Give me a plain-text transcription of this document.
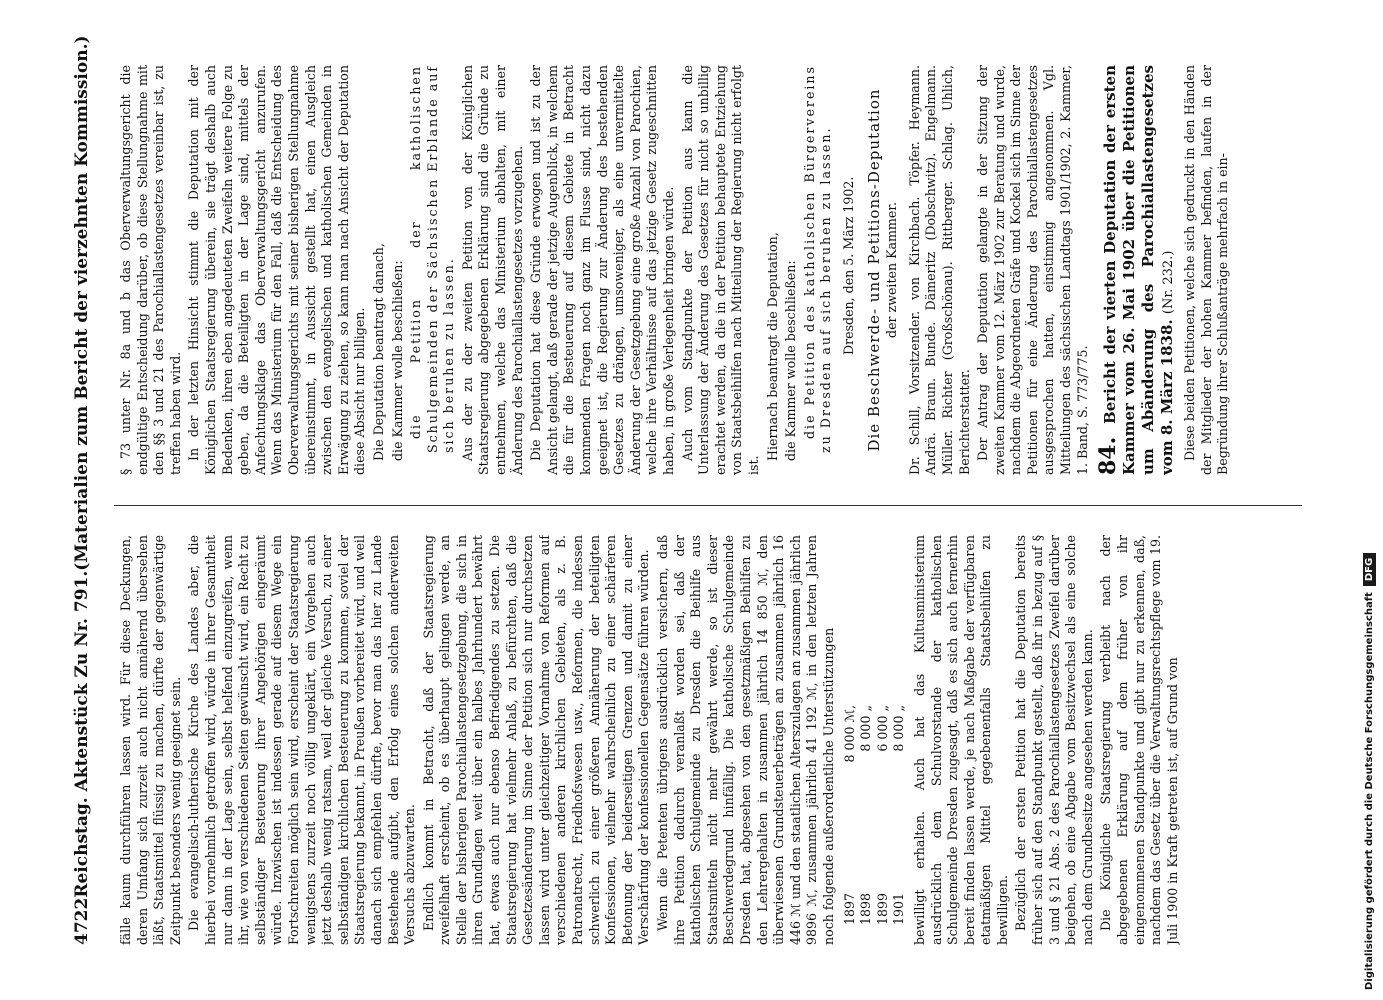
4722
Reichstag. Aktenstück Zu Nr. 791.
(Materialien zum Bericht der vierzehnten Kommission.)

fälle kaum durchführen lassen wird. Für diese Deckungen, deren Umfang sich zurzeit auch nicht annähernd übersehen läßt, Staatsmittel flüssig zu machen, dürfte der gegenwärtige Zeitpunkt besonders wenig geeignet sein. Die evangelisch-lutherische Kirche des Landes aber, die hierbei vornehmlich getroffen wird, würde in ihrer Gesamtheit nur dann in der Lage sein, selbst helfend einzugreifen, wenn ihr, wie von verschiedenen Seiten gewünscht wird, ein Recht zu selbständiger Besteuerung ihrer Angehörigen eingeräumt würde. Inzwischen ist indessen gerade auf diesem Wege ein Fortschreiten möglich sein wird, erscheint der Staatsregierung wenigstens zurzeit noch völlig ungeklärt, ein Vorgehen auch jetzt deshalb wenig ratsam, weil der gleiche Versuch, zu einer selbständigen kirchlichen Besteuerung zu kommen, soviel der Staatsregierung bekannt, in Preußen vorbereitet wird, und weil danach sich empfehlen dürfte, bevor man das hier zu Lande Bestehende aufgibt, den Erfolg eines solchen anderweiten Versuchs abzuwarten. Endlich kommt in Betracht, daß der Staatsregierung zweifelhaft erscheint, ob es überhaupt gelingen werde, an Stelle der bisherigen Parochiallastengesetzgebung, die sich in ihren Grundlagen weit über ein halbes Jahrhundert bewährt hat, etwas auch nur ebenso Befriedigendes zu setzen. Die Staatsregierung hat vielmehr Anlaß, zu befürchten, daß die Gesetzesänderung im Sinne der Petition sich nur durchsetzen lassen wird unter gleichzeitiger Vornahme von Reformen auf verschiedenen anderen kirchlichen Gebieten, als z. B. Patronatrecht, Friedhofswesen usw., Reformen, die indessen schwerlich zu einer größeren Annäherung der beteiligten Konfessionen, vielmehr wahrscheinlich zu einer schärferen Betonung der beiderseitigen Grenzen und damit zu einer Verschärfung der konfessionellen Gegensätze führen würden. Wenn die Petenten übrigens ausdrücklich versichern, daß ihre Petition dadurch veranlaßt worden sei, daß der katholischen Schulgemeinde zu Dresden die Beihilfe aus Staatsmitteln nicht mehr gewährt werde, so ist dieser Beschwerdegrund hinfällig. Die katholische Schulgemeinde Dresden hat, abgesehen von den gesetzmäßigen Beihilfen zu den Lehrergehalten in zusammen jährlich 14 850 ℳ, den überwiesenen Grundsteuerbeträgen an zusammen jährlich 16 446 ℳ und den staatlichen Alterszulagen an zusammen jährlich 9896 ℳ, zusammen jährlich 41 192 ℳ, in den letzten Jahren noch folgende außerordentliche Unterstützungen 1897
8 000 ℳ,
1898
8 000 „
1899
6 000 „
1901
8 000 „ bewilligt erhalten. Auch hat das Kultusministerium ausdrücklich dem Schulvorstande der katholischen Schulgemeinde Dresden zugesagt, daß es sich auch fernerhin bereit finden lassen werde, je nach Maßgabe der verfügbaren etatmäßigen Mittel gegebenenfalls Staatsbeihilfen zu bewilligen. Bezüglich der ersten Petition hat die Deputation bereits früher sich auf den Standpunkt gestellt, daß ihr in bezug auf § 3 und § 21 Abs. 2 des Parochiallastengesetzes Zweifel darüber beigehen, ob eine Abgabe vom Besitzwechsel als eine solche nach dem Grundbesitze angesehen werden kann. Die Königliche Staatsregierung verbleibt nach der abgegebenen Erklärung auf dem früher von ihr eingenommenen Standpunkte und gibt nur zu erkennen, daß, nachdem das Gesetz über die Verwaltungsrechtspflege vom 19. Juli 1900 in Kraft getreten ist, auf Grund von

§ 73 unter Nr. 8a und b das Oberverwaltungsgericht die endgültige Entscheidung darüber, ob diese Stellungnahme mit den §§ 3 und 21 des Parochiallastengesetzes vereinbar ist, zu treffen haben wird. In der letzten Hinsicht stimmt die Deputation mit der Königlichen Staatsregierung überein, sie trägt deshalb auch Bedenken, ihren eben angedeuteten Zweifeln weitere Folge zu geben, da die Beteiligten in der Lage sind, mittels der Anfechtungsklage das Oberverwaltungsgericht anzurufen. Wenn das Ministerium für den Fall, daß die Entscheidung des Oberverwaltungsgerichts mit seiner bisherigen Stellungnahme übereinstimmt, in Aussicht gestellt hat, einen Ausgleich zwischen den evangelischen und katholischen Gemeinden in Erwägung zu ziehen, so kann man nach Ansicht der Deputation diese Absicht nur billigen. Die Deputation beantragt danach, die Kammer wolle beschließen: die Petition der katholischen Schulgemeinden der Sächsischen Erblande auf sich beruhen zu lassen. Aus der zu der zweiten Petition von der Königlichen Staatsregierung abgegebenen Erklärung sind die Gründe zu entnehmen, welche das Ministerium abhalten, mit einer Änderung des Parochiallastengesetzes vorzugehen. Die Deputation hat diese Gründe erwogen und ist zu der Ansicht gelangt, daß gerade der jetzige Augenblick, in welchem die für die Besteuerung auf diesem Gebiete in Betracht kommenden Fragen noch ganz im Flusse sind, nicht dazu geeignet ist, die Regierung zur Änderung des bestehenden Gesetzes zu drängen, umsoweniger, als eine unvermittelte Änderung der Gesetzgebung eine große Anzahl von Parochien, welche ihre Verhältnisse auf das jetzige Gesetz zugeschnitten haben, in große Verlegenheit bringen würde. Auch vom Standpunkte der Petition aus kann die Unterlassung der Änderung des Gesetzes für nicht so unbillig erachtet werden, da die in der Petition behauptete Entziehung von Staatsbeihilfen nach Mitteilung der Regierung nicht erfolgt ist.

Hiernach beantragt die Deputation, die Kammer wolle beschließen: die Petition des katholischen Bürgervereins zu Dresden auf sich beruhen zu lassen. Dresden, den 5. März 1902. Die Beschwerde- und Petitions-Deputation der zweiten Kammer. Dr. Schill, Vorsitzender. von Kirchbach. Töpfer. Heymann. Andrä. Braun. Bunde. Dämeritz (Dobschwitz). Engelmann. Müller. Richter (Großschönau). Rittberger. Schlag. Uhlich, Berichterstatter. Der Antrag der Deputation gelangte in der Sitzung der zweiten Kammer vom 12. März 1902 zur Beratung und wurde, nachdem die Abgeordneten Gräfe und Kockel sich im Sinne der Petitionen für eine Änderung des Parochiallastengesetzes ausgesprochen hatten, einstimmig angenommen. Vgl. Mitteilungen des sächsischen Landtags 1901/1902, 2. Kammer, 1. Band, S. 773/775. 84. Bericht der vierten Deputation der ersten Kammer vom 26. Mai 1902 über die Petitionen um Abänderung des Parochiallastengesetzes vom 8. März 1838. (Nr. 232.) Diese beiden Petitionen, welche sich gedruckt in den Händen der Mitglieder der hohen Kammer befinden, laufen in der Begründung ihrer Schlußanträge mehrfach in ein-

Digitalisierung gefördert durch die Deutsche Forschungsgemeinschaft
DFG
